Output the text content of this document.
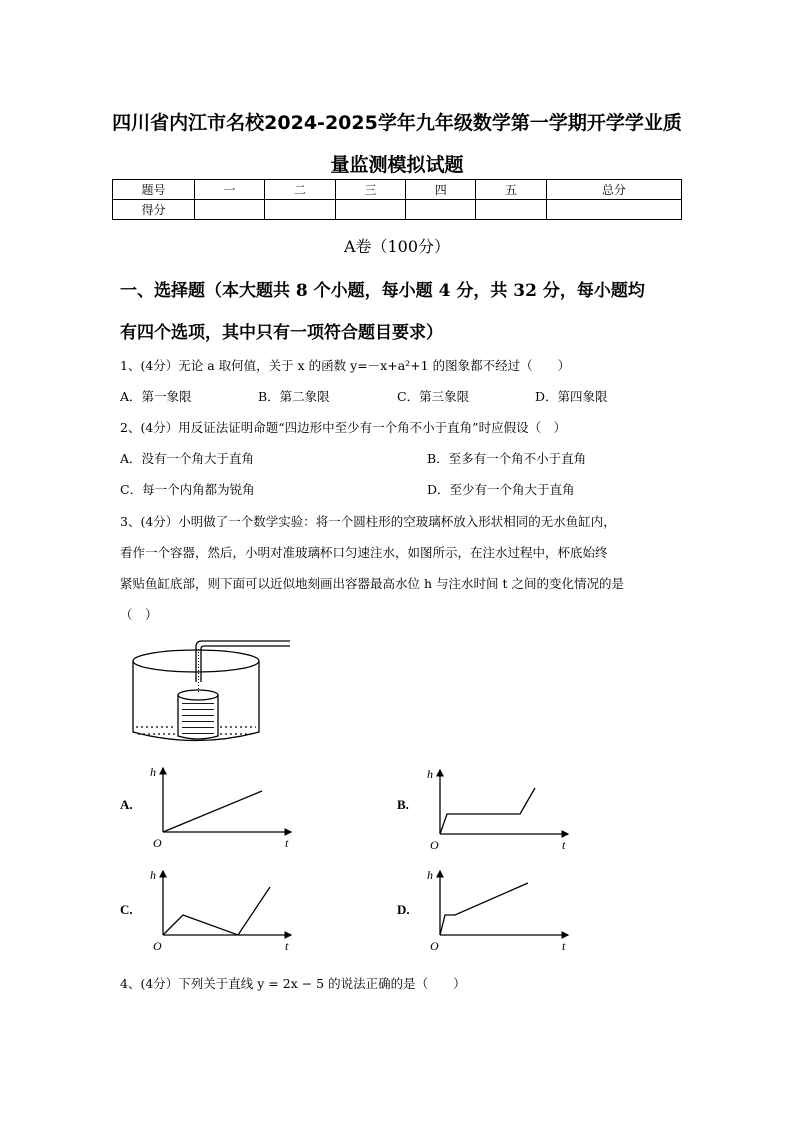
四川省内江市名校2024-2025学年九年级数学第一学期开学学业质
量监测模拟试题
题号	一	二	三	四	五	总分
得分						
A卷（100分）
一、选择题（本大题共 8 个小题，每小题 4 分，共 32 分，每小题均
有四个选项，其中只有一项符合题目要求）
1、(4分）无论 a 取何值，关于 x 的函数 y=－x+a²+1 的图象都不经过（　　）
A．第一象限	B．第二象限	C．第三象限	D．第四象限
2、(4分）用反证法证明命题“四边形中至少有一个角不小于直角”时应假设（　）
A．没有一个角大于直角	B．至多有一个角不小于直角
C．每一个内角都为锐角	D．至少有一个角大于直角
3、(4分）小明做了一个数学实验：将一个圆柱形的空玻璃杯放入形状相同的无水鱼缸内，
看作一个容器，然后，小明对准玻璃杯口匀速注水，如图所示，在注水过程中，杯底始终
紧贴鱼缸底部，则下面可以近似地刻画出容器最高水位 h 与注水时间 t 之间的变化情况的是
（　）
A.
h
t
O
B.
h
t
O
C.
h
t
O
D.
h
t
O
4、(4分）下列关于直线 y = 2x − 5 的说法正确的是（　　）
